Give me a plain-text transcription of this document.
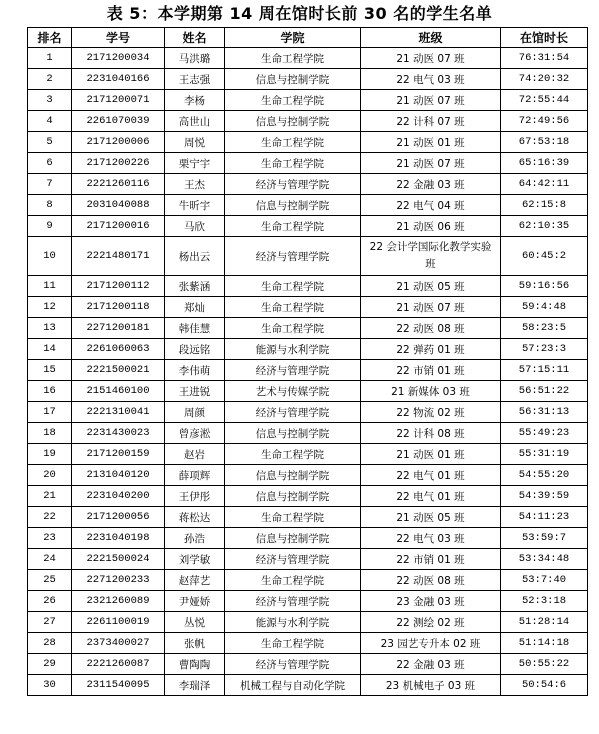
表 5：本学期第 14 周在馆时长前 30 名的学生名单
排名	学号	姓名	学院	班级	在馆时长
1	2171200034	马洪璐	生命工程学院	21 动医 07 班	76:31:54
2	2231040166	王志强	信息与控制学院	22 电气 03 班	74:20:32
3	2171200071	李杨	生命工程学院	21 动医 07 班	72:55:44
4	2261070039	高世山	信息与控制学院	22 计科 07 班	72:49:56
5	2171200006	周悦	生命工程学院	21 动医 01 班	67:53:18
6	2171200226	栗宁宇	生命工程学院	21 动医 07 班	65:16:39
7	2221260116	王杰	经济与管理学院	22 金融 03 班	64:42:11
8	2031040088	牛昕宇	信息与控制学院	22 电气 04 班	62:15:8
9	2171200016	马欣	生命工程学院	21 动医 06 班	62:10:35
10	2221480171	杨出云	经济与管理学院	22 会计学国际化教学实验班	60:45:2
11	2171200112	张紫涵	生命工程学院	21 动医 05 班	59:16:56
12	2171200118	郑灿	生命工程学院	21 动医 07 班	59:4:48
13	2271200181	韩佳慧	生命工程学院	22 动医 08 班	58:23:5
14	2261060063	段远铭	能源与水利学院	22 弹药 01 班	57:23:3
15	2221500021	李伟萌	经济与管理学院	22 市销 01 班	57:15:11
16	2151460100	王进锐	艺术与传媒学院	21 新媒体 03 班	56:51:22
17	2221310041	周颜	经济与管理学院	22 物流 02 班	56:31:13
18	2231430023	曾彦淞	信息与控制学院	22 计科 08 班	55:49:23
19	2171200159	赵岩	生命工程学院	21 动医 01 班	55:31:19
20	2131040120	薛项辉	信息与控制学院	22 电气 01 班	54:55:20
21	2231040200	王伊彤	信息与控制学院	22 电气 01 班	54:39:59
22	2171200056	蒋松达	生命工程学院	21 动医 05 班	54:11:23
23	2231040198	孙浩	信息与控制学院	22 电气 03 班	53:59:7
24	2221500024	刘学敏	经济与管理学院	22 市销 01 班	53:34:48
25	2271200233	赵萍艺	生命工程学院	22 动医 08 班	53:7:40
26	2321260089	尹娅娇	经济与管理学院	23 金融 03 班	52:3:18
27	2261100019	丛悦	能源与水利学院	22 测绘 02 班	51:28:14
28	2373400027	张帆	生命工程学院	23 园艺专升本 02 班	51:14:18
29	2221260087	曹陶陶	经济与管理学院	22 金融 03 班	50:55:22
30	2311540095	李瑞泽	机械工程与自动化学院	23 机械电子 03 班	50:54:6
